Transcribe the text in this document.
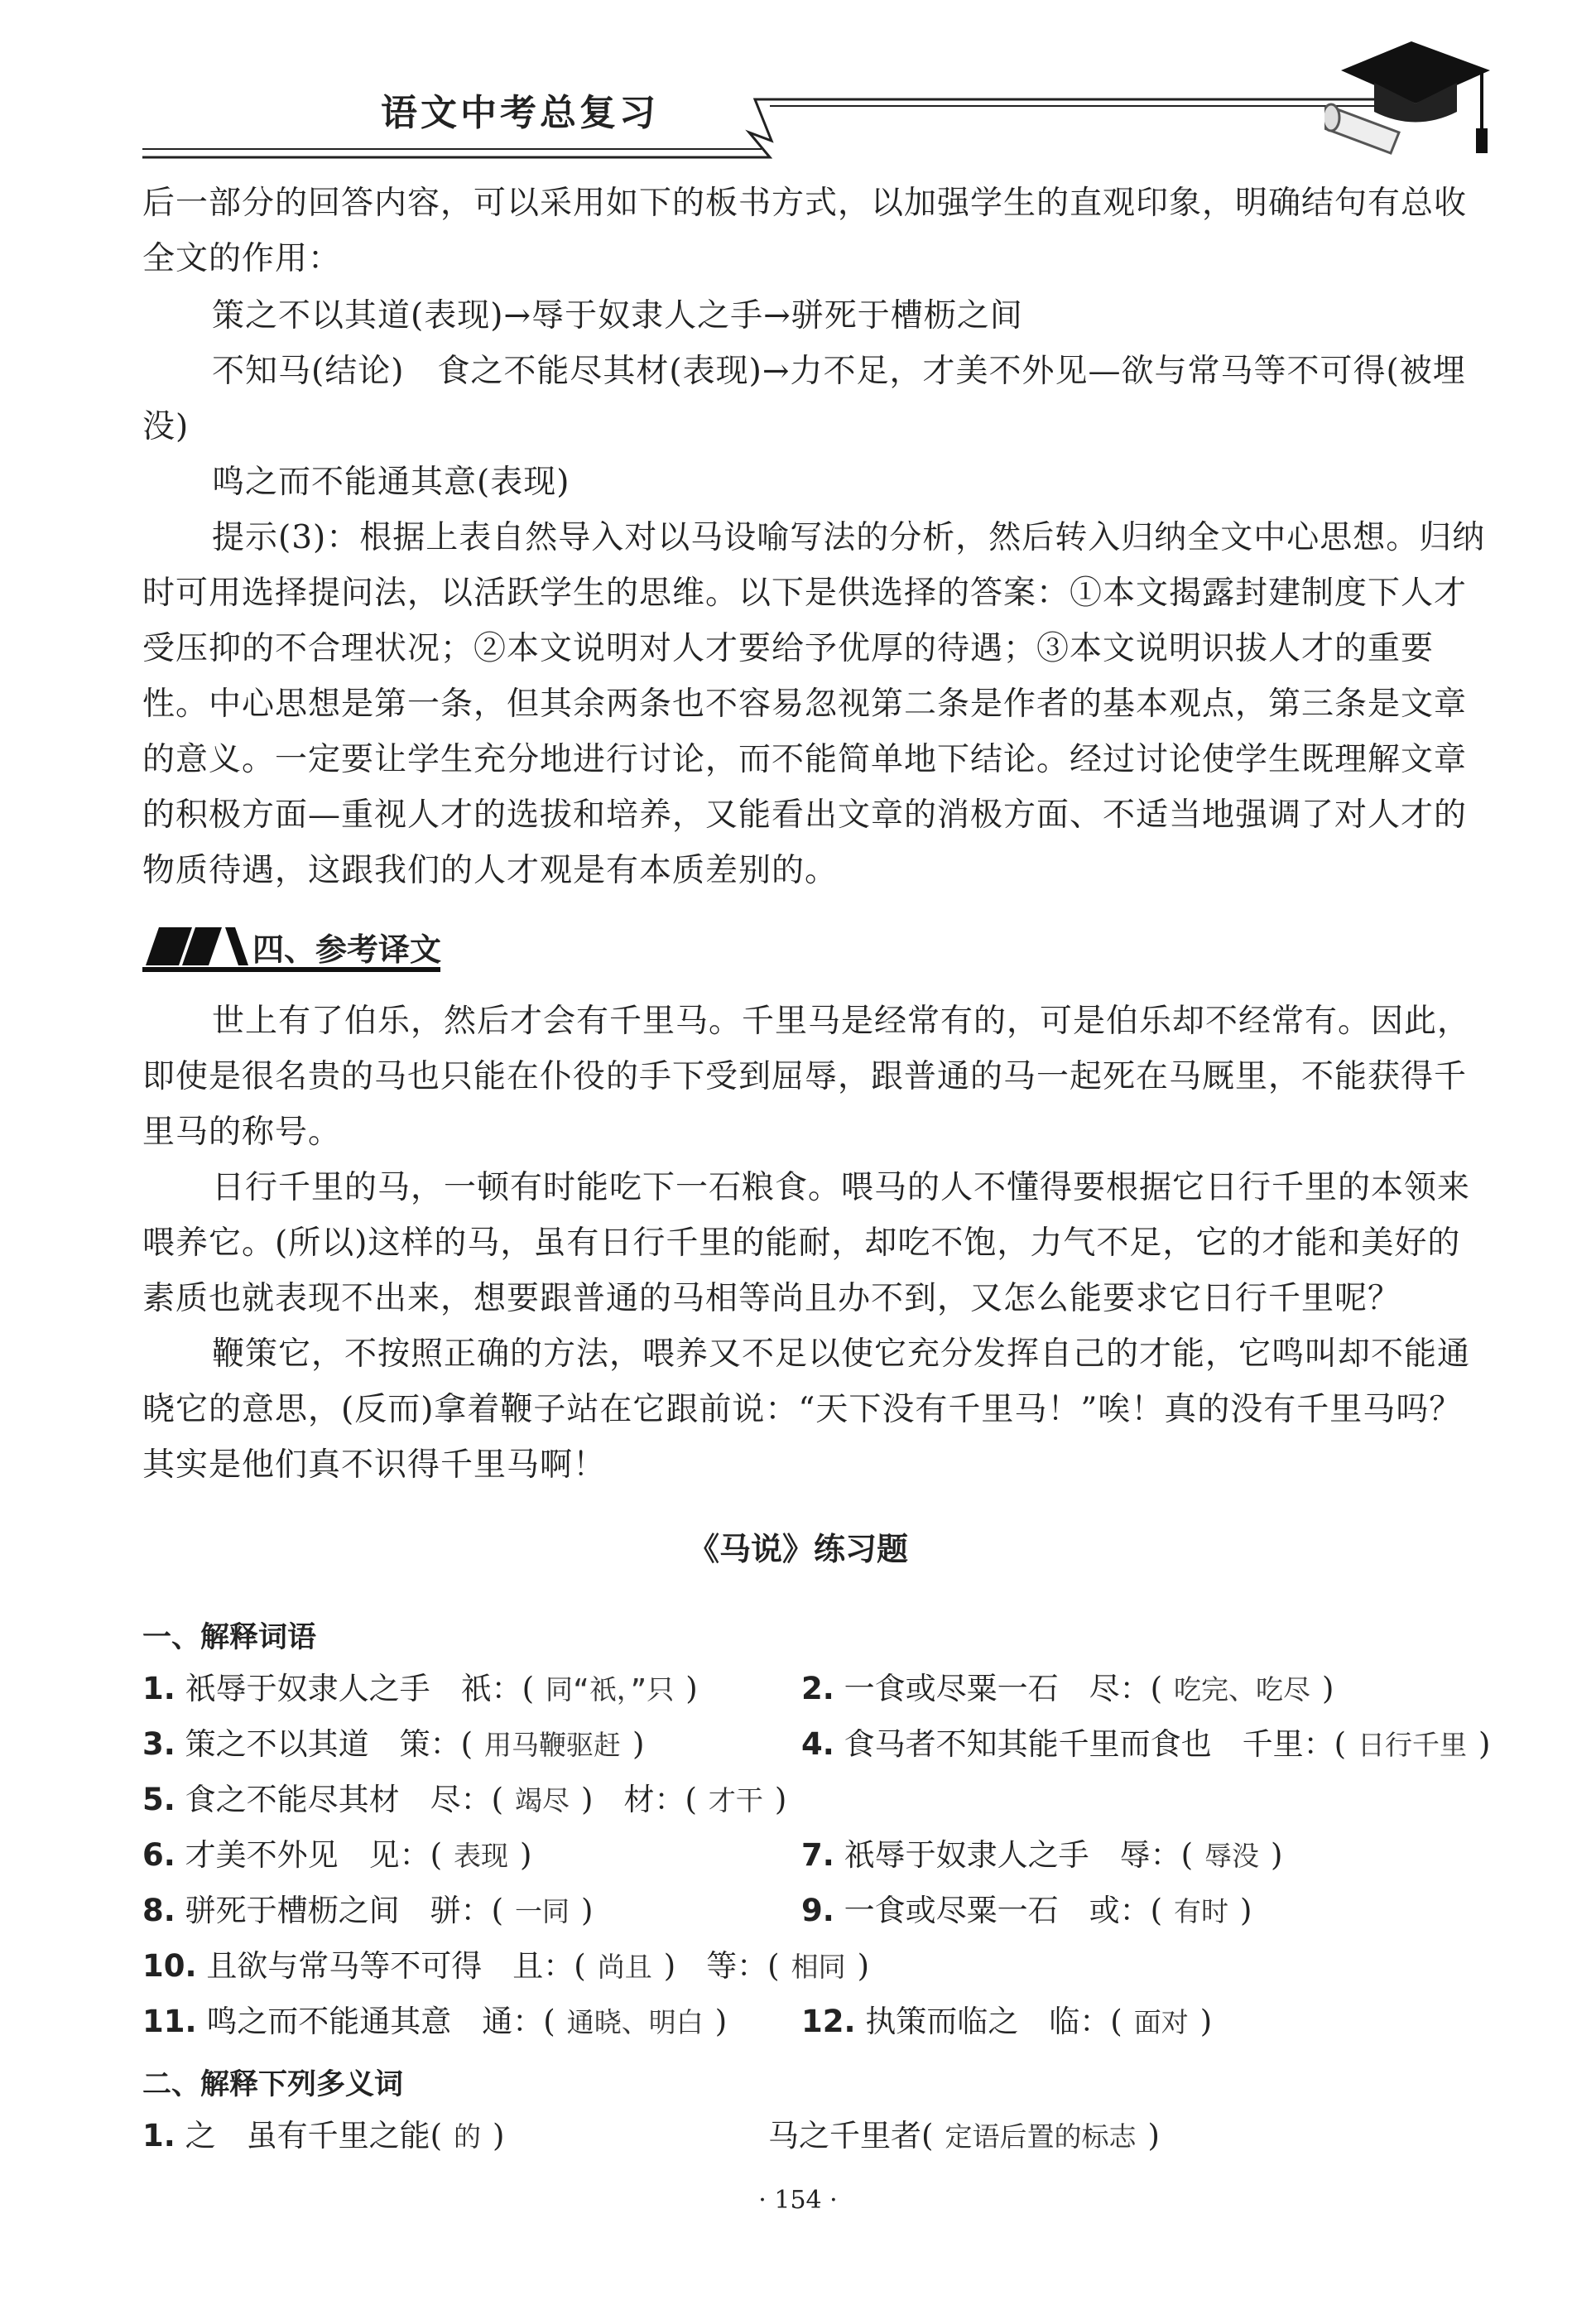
语文中考总复习
后一部分的回答内容，可以采用如下的板书方式，以加强学生的直观印象，明确结句有总收全文的作用：
策之不以其道(表现)→辱于奴隶人之手→骈死于槽枥之间
不知马(结论)　食之不能尽其材(表现)→力不足，才美不外见—欲与常马等不可得(被埋
没)
鸣之而不能通其意(表现)
提示(3)：根据上表自然导入对以马设喻写法的分析，然后转入归纳全文中心思想。归纳时可用选择提问法，以活跃学生的思维。以下是供选择的答案：①本文揭露封建制度下人才受压抑的不合理状况；②本文说明对人才要给予优厚的待遇；③本文说明识拔人才的重要性。中心思想是第一条，但其余两条也不容易忽视第二条是作者的基本观点，第三条是文章的意义。一定要让学生充分地进行讨论，而不能简单地下结论。经过讨论使学生既理解文章的积极方面—重视人才的选拔和培养，又能看出文章的消极方面、不适当地强调了对人才的物质待遇，这跟我们的人才观是有本质差别的。
四、参考译文
世上有了伯乐，然后才会有千里马。千里马是经常有的，可是伯乐却不经常有。因此，即使是很名贵的马也只能在仆役的手下受到屈辱，跟普通的马一起死在马厩里，不能获得千里马的称号。
日行千里的马，一顿有时能吃下一石粮食。喂马的人不懂得要根据它日行千里的本领来喂养它。(所以)这样的马，虽有日行千里的能耐，却吃不饱，力气不足，它的才能和美好的素质也就表现不出来，想要跟普通的马相等尚且办不到，又怎么能要求它日行千里呢？
鞭策它，不按照正确的方法，喂养又不足以使它充分发挥自己的才能，它鸣叫却不能通晓它的意思，(反而)拿着鞭子站在它跟前说：“天下没有千里马！”唉！真的没有千里马吗？其实是他们真不识得千里马啊！
《马说》练习题
一、解释词语
1. 祇辱于奴隶人之手　祇：( 同“祇，”只 )	2. 一食或尽粟一石　尽：( 吃完、吃尽 )
3. 策之不以其道　策：( 用马鞭驱赶 )	4. 食马者不知其能千里而食也　千里：( 日行千里 )
5. 食之不能尽其材　尽：( 竭尽 )　 材：( 才干 )
6. 才美不外见　见：( 表现 )	7. 祇辱于奴隶人之手　辱：( 辱没 )
8. 骈死于槽枥之间　骈：( 一同 )	9. 一食或尽粟一石　或：( 有时 )
10. 且欲与常马等不可得　且：( 尚且 )　 等：( 相同 )
11. 鸣之而不能通其意　通：( 通晓、明白 ) 12. 执策而临之　临：( 面对 )
二、解释下列多义词
1. 之　 虽有千里之能( 的 )	马之千里者( 定语后置的标志 )
· 154 ·
